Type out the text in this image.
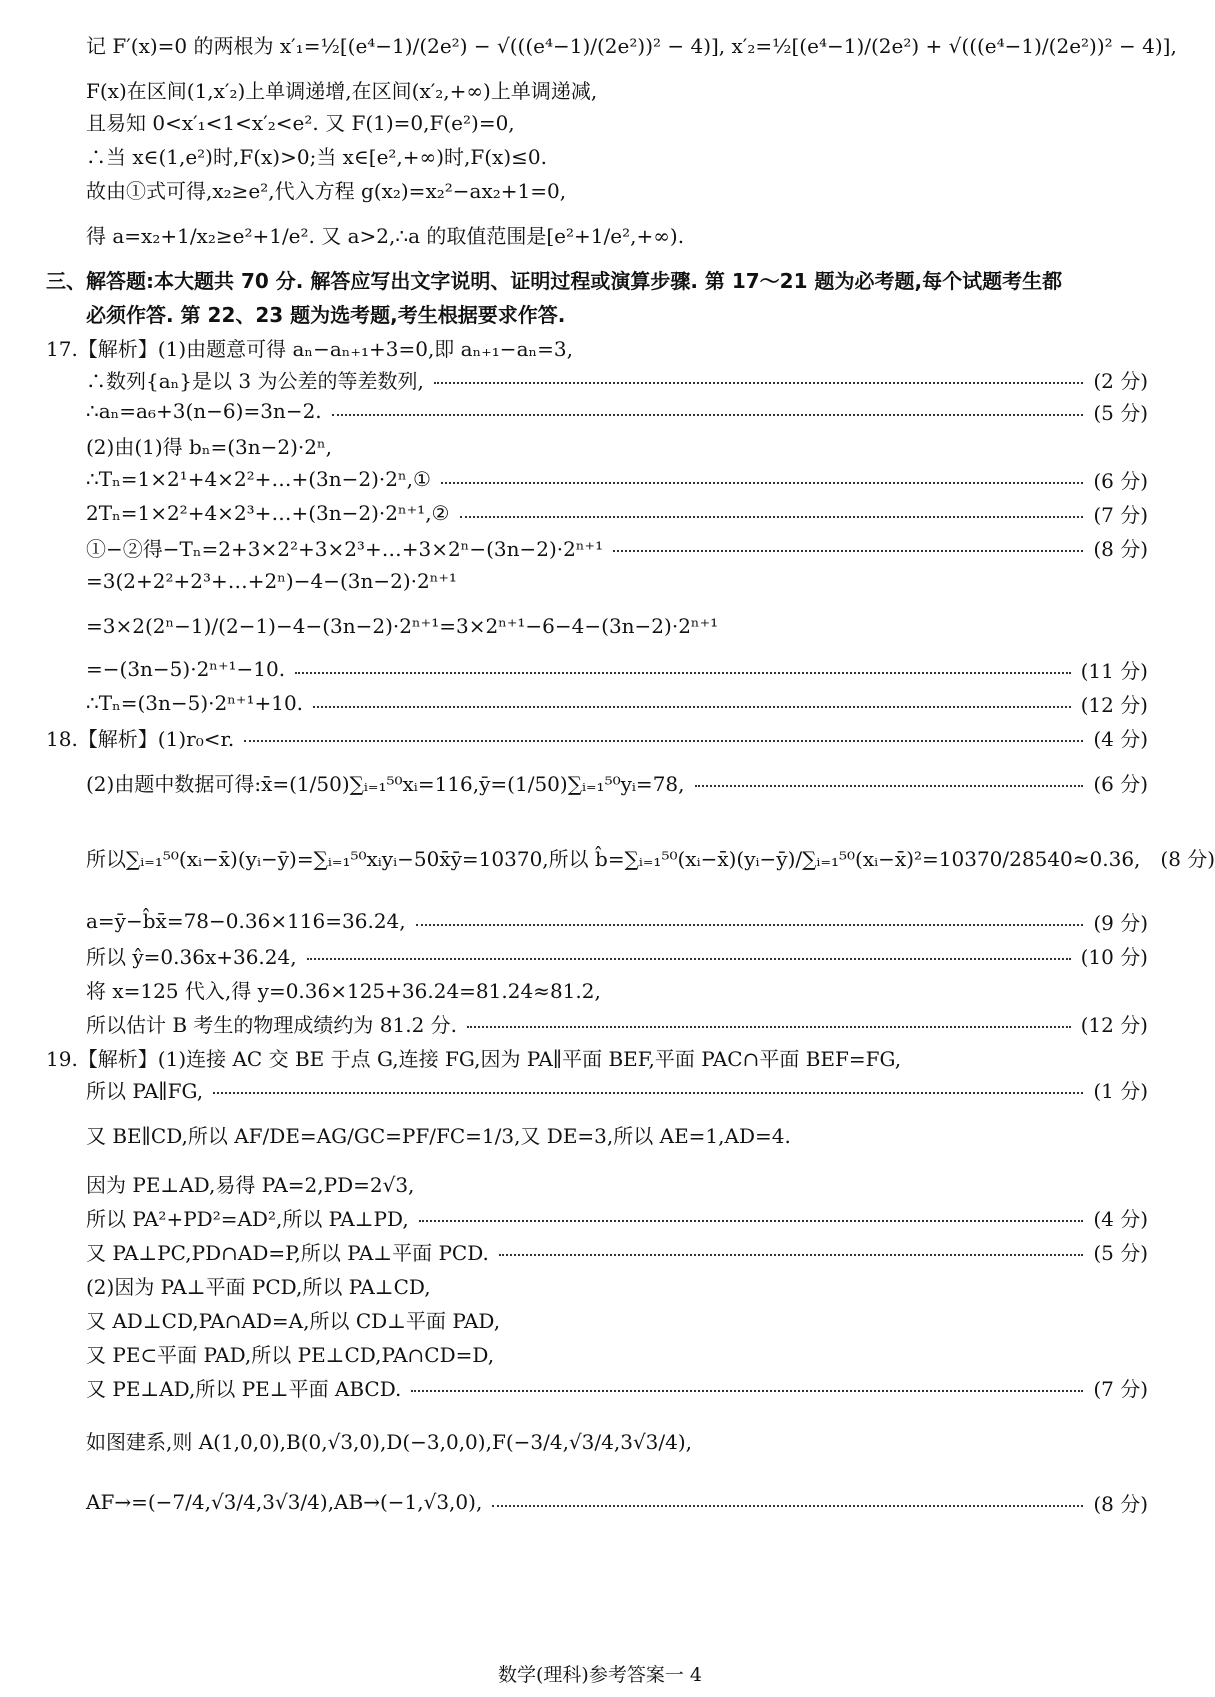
记 F′(x)=0 的两根为 x′₁=½[(e⁴−1)/(2e²) − √(((e⁴−1)/(2e²))² − 4)], x′₂=½[(e⁴−1)/(2e²) + √(((e⁴−1)/(2e²))² − 4)],
F(x)在区间(1,x′₂)上单调递增,在区间(x′₂,+∞)上单调递减,
且易知 0<x′₁<1<x′₂<e². 又 F(1)=0,F(e²)=0,
∴当 x∈(1,e²)时,F(x)>0;当 x∈[e²,+∞)时,F(x)≤0.
故由①式可得,x₂≥e²,代入方程 g(x₂)=x₂²−ax₂+1=0,
得 a=x₂+1/x₂≥e²+1/e². 又 a>2,∴a 的取值范围是[e²+1/e²,+∞).
三、解答题:本大题共 70 分. 解答应写出文字说明、证明过程或演算步骤. 第 17～21 题为必考题,每个试题考生都
必须作答. 第 22、23 题为选考题,考生根据要求作答.
17.【解析】(1)由题意可得 aₙ−aₙ₊₁+3=0,即 aₙ₊₁−aₙ=3,
∴数列{aₙ}是以 3 为公差的等差数列,	(2 分)
∴aₙ=a₆+3(n−6)=3n−2.	(5 分)
(2)由(1)得 bₙ=(3n−2)·2ⁿ,
∴Tₙ=1×2¹+4×2²+…+(3n−2)·2ⁿ,①	(6 分)
2Tₙ=1×2²+4×2³+…+(3n−2)·2ⁿ⁺¹,②	(7 分)
①−②得−Tₙ=2+3×2²+3×2³+…+3×2ⁿ−(3n−2)·2ⁿ⁺¹	(8 分)
=3(2+2²+2³+…+2ⁿ)−4−(3n−2)·2ⁿ⁺¹
=3×2(2ⁿ−1)/(2−1)−4−(3n−2)·2ⁿ⁺¹=3×2ⁿ⁺¹−6−4−(3n−2)·2ⁿ⁺¹
=−(3n−5)·2ⁿ⁺¹−10.	(11 分)
∴Tₙ=(3n−5)·2ⁿ⁺¹+10.	(12 分)
18.【解析】(1)r₀<r.	(4 分)
(2)由题中数据可得:x̄=(1/50)∑ᵢ₌₁⁵⁰xᵢ=116,ȳ=(1/50)∑ᵢ₌₁⁵⁰yᵢ=78,	(6 分)
所以∑ᵢ₌₁⁵⁰(xᵢ−x̄)(yᵢ−ȳ)=∑ᵢ₌₁⁵⁰xᵢyᵢ−50x̄ȳ=10370,所以 b̂=∑ᵢ₌₁⁵⁰(xᵢ−x̄)(yᵢ−ȳ)/∑ᵢ₌₁⁵⁰(xᵢ−x̄)²=10370/28540≈0.36, (8 分)
a=ȳ−b̂x̄=78−0.36×116=36.24,	(9 分)
所以 ŷ=0.36x+36.24,	(10 分)
将 x=125 代入,得 y=0.36×125+36.24=81.24≈81.2,
所以估计 B 考生的物理成绩约为 81.2 分.	(12 分)
19.【解析】(1)连接 AC 交 BE 于点 G,连接 FG,因为 PA∥平面 BEF,平面 PAC∩平面 BEF=FG,
所以 PA∥FG,	(1 分)
又 BE∥CD,所以 AF/DE=AG/GC=PF/FC=1/3,又 DE=3,所以 AE=1,AD=4.
因为 PE⊥AD,易得 PA=2,PD=2√3,
所以 PA²+PD²=AD²,所以 PA⊥PD,	(4 分)
又 PA⊥PC,PD∩AD=P,所以 PA⊥平面 PCD.	(5 分)
(2)因为 PA⊥平面 PCD,所以 PA⊥CD,
又 AD⊥CD,PA∩AD=A,所以 CD⊥平面 PAD,
又 PE⊂平面 PAD,所以 PE⊥CD,PA∩CD=D,
又 PE⊥AD,所以 PE⊥平面 ABCD.	(7 分)
如图建系,则 A(1,0,0),B(0,√3,0),D(−3,0,0),F(−3/4,√3/4,3√3/4),
AF→=(−7/4,√3/4,3√3/4),AB→(−1,√3,0),	(8 分)
数学(理科)参考答案一 4
